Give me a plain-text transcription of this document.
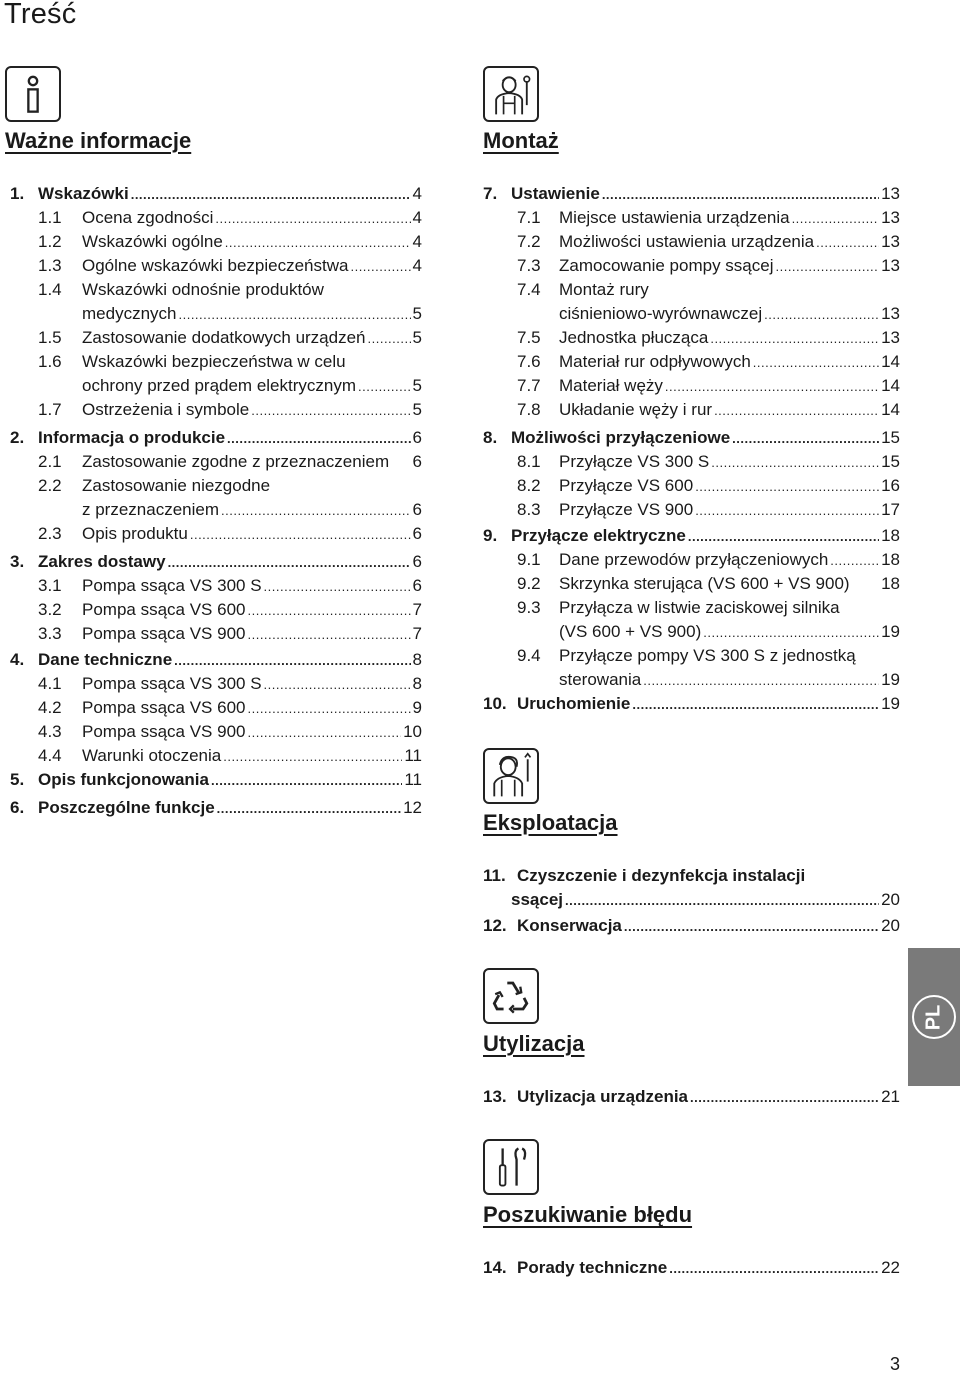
Treść
Ważne informacje
1. Wskazówki .....	4
1.1	Ocena zgodności .....	4
1.2	Wskazówki ogólne .....	4
1.3	Ogólne wskazówki bezpieczeństwa .....	4
1.4	Wskazówki odnośnie produktów
medycznych .....	5
1.5	Zastosowanie dodatkowych urządzeń .....	5
1.6	Wskazówki bezpieczeństwa w celu
ochrony przed prądem elektrycznym .....	5
1.7	Ostrzeżenia i symbole .....	5
2. Informacja o produkcie .....	6
2.1	Zastosowanie zgodne z przeznaczeniem 6
2.2	Zastosowanie niezgodne
z przeznaczeniem .....	6
2.3	Opis produktu .....	6
3. Zakres dostawy .....	6
3.1	Pompa ssąca VS 300 S .....	6
3.2	Pompa ssąca VS 600 .....	7
3.3	Pompa ssąca VS 900 .....	7
4. Dane techniczne .....	8
4.1	Pompa ssąca VS 300 S .....	8
4.2	Pompa ssąca VS 600 .....	9
4.3	Pompa ssąca VS 900 .....	10
4.4	Warunki otoczenia .....	11
5. Opis funkcjonowania .....	11
6. Poszczególne funkcje .....	12
Montaż
7. Ustawienie .....	13
7.1	Miejsce ustawienia urządzenia .....	13
7.2	Możliwości ustawienia urządzenia .....	13
7.3	Zamocowanie pompy ssącej .....	13
7.4	Montaż rury
ciśnieniowo-wyrównawczej .....	13
7.5	Jednostka płucząca .....	13
7.6	Materiał rur odpływowych .....	14
7.7	Materiał węży .....	14
7.8	Układanie węży i rur .....	14
8. Możliwości przyłączeniowe .....	15
8.1	Przyłącze VS 300 S .....	15
8.2	Przyłącze VS 600 .....	16
8.3	Przyłącze VS 900 .....	17
9. Przyłącze elektryczne .....	18
9.1	Dane przewodów przyłączeniowych .....	18
9.2	Skrzynka sterująca (VS 600 + VS 900) 18
9.3	Przyłącza w listwie zaciskowej silnika
(VS 600 + VS 900) .....	19
9.4	Przyłącze pompy VS 300 S z jednostką
sterowania .....	19
10. Uruchomienie .....	19
Eksploatacja
11. Czyszczenie i dezynfekcja instalacji
ssącej .....	20
12. Konserwacja .....	20
Utylizacja
13. Utylizacja urządzenia .....	21
Poszukiwanie błędu
14. Porady techniczne .....	22
PL
3
